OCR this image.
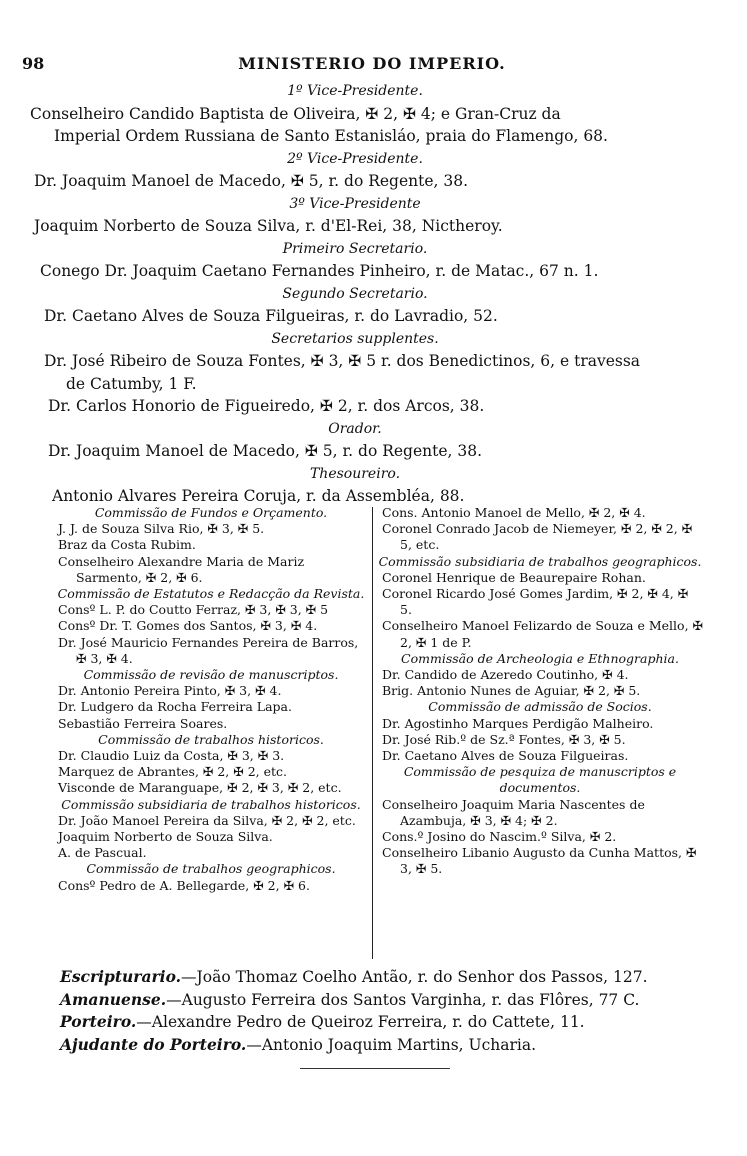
98	MINISTERIO DO IMPERIO.
1º Vice-Presidente.
Conselheiro Candido Baptista de Oliveira, ✠ 2, ✠ 4; e Gran-Cruz da
Imperial Ordem Russiana de Santo Estanisláo, praia do Flamengo, 68.
2º Vice-Presidente.
Dr. Joaquim Manoel de Macedo, ✠ 5, r. do Regente, 38.
3º Vice-Presidente
Joaquim Norberto de Souza Silva, r. d'El-Rei, 38, Nictheroy.
Primeiro Secretario.
Conego Dr. Joaquim Caetano Fernandes Pinheiro, r. de Matac., 67 n. 1.
Segundo Secretario.
Dr. Caetano Alves de Souza Filgueiras, r. do Lavradio, 52.
Secretarios supplentes.
Dr. José Ribeiro de Souza Fontes, ✠ 3, ✠ 5 r. dos Benedictinos, 6, e travessa
de Catumby, 1 F.
Dr. Carlos Honorio de Figueiredo, ✠ 2, r. dos Arcos, 38.
Orador.
Dr. Joaquim Manoel de Macedo, ✠ 5, r. do Regente, 38.
Thesoureiro.
Antonio Alvares Pereira Coruja, r. da Assembléa, 88.
Commissão de Fundos e Orçamento.
J. J. de Souza Silva Rio, ✠ 3, ✠ 5.
Braz da Costa Rubim.
Conselheiro Alexandre Maria de Mariz Sarmento, ✠ 2, ✠ 6.
Commissão de Estatutos e Redacção da Revista.
Consº L. P. do Coutto Ferraz, ✠ 3, ✠ 3, ✠ 5
Consº Dr. T. Gomes dos Santos, ✠ 3, ✠ 4.
Dr. José Mauricio Fernandes Pereira de Barros, ✠ 3, ✠ 4.
Commissão de revisão de manuscriptos.
Dr. Antonio Pereira Pinto, ✠ 3, ✠ 4.
Dr. Ludgero da Rocha Ferreira Lapa.
Sebastião Ferreira Soares.
Commissão de trabalhos historicos.
Dr. Claudio Luiz da Costa, ✠ 3, ✠ 3.
Marquez de Abrantes, ✠ 2, ✠ 2, etc.
Visconde de Maranguape, ✠ 2, ✠ 3, ✠ 2, etc.
Commissão subsidiaria de trabalhos historicos.
Dr. João Manoel Pereira da Silva, ✠ 2, ✠ 2, etc.
Joaquim Norberto de Souza Silva.
A. de Pascual.
Commissão de trabalhos geographicos.
Consº Pedro de A. Bellegarde, ✠ 2, ✠ 6.
Cons. Antonio Manoel de Mello, ✠ 2, ✠ 4.
Coronel Conrado Jacob de Niemeyer, ✠ 2, ✠ 2, ✠ 5, etc.
Commissão subsidiaria de trabalhos geographicos.
Coronel Henrique de Beaurepaire Rohan.
Coronel Ricardo José Gomes Jardim, ✠ 2, ✠ 4, ✠ 5.
Conselheiro Manoel Felizardo de Souza e Mello, ✠ 2, ✠ 1 de P.
Commissão de Archeologia e Ethnographia.
Dr. Candido de Azeredo Coutinho, ✠ 4.
Brig. Antonio Nunes de Aguiar, ✠ 2, ✠ 5.
Commissão de admissão de Socios.
Dr. Agostinho Marques Perdigão Malheiro.
Dr. José Rib.º de Sz.ª Fontes, ✠ 3, ✠ 5.
Dr. Caetano Alves de Souza Filgueiras.
Commissão de pesquiza de manuscriptos e documentos.
Conselheiro Joaquim Maria Nascentes de Azambuja, ✠ 3, ✠ 4; ✠ 2.
Cons.º Josino do Nascim.º Silva, ✠ 2.
Conselheiro Libanio Augusto da Cunha Mattos, ✠ 3, ✠ 5.
Escripturario.—João Thomaz Coelho Antão, r. do Senhor dos Passos, 127.
Amanuense.—Augusto Ferreira dos Santos Varginha, r. das Flôres, 77 C.
Porteiro.—Alexandre Pedro de Queiroz Ferreira, r. do Cattete, 11.
Ajudante do Porteiro.—Antonio Joaquim Martins, Ucharia.
